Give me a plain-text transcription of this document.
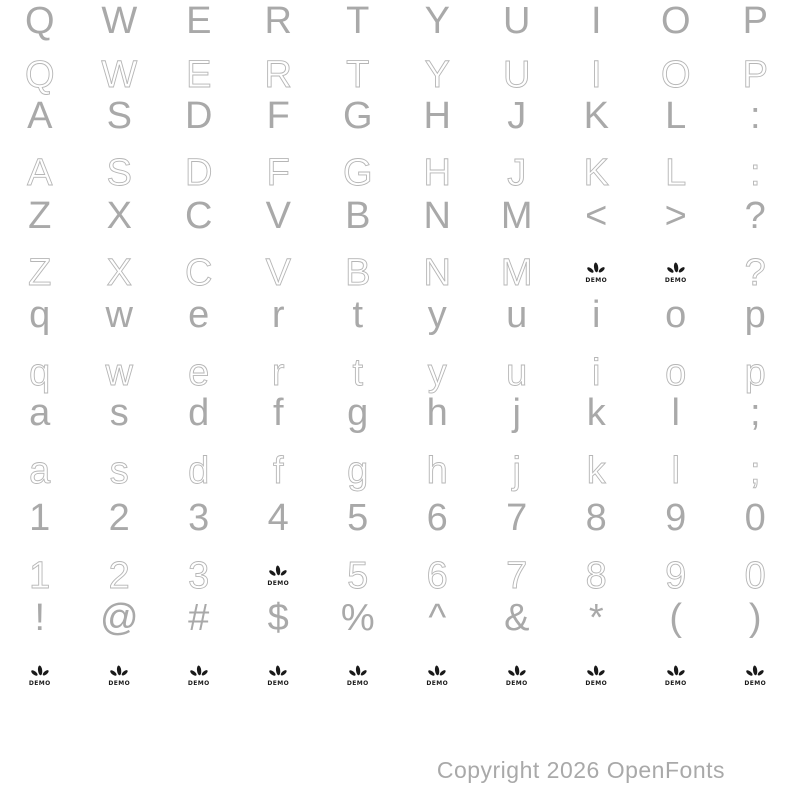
Copyright 2026 OpenFonts
Q W E R T Y U I O P
Q W E R T Y U I O P
A S D F G H J K L :
A S D F G H J K L :
Z X C V B N M < > ?
Z X C V B N M	DEMO	DEMO ?
q w e r t y u i o p
q w e r t y u i o p
a s d f g h j k l ;
a s d f g h j k l ;
1 2 3 4 5 6 7 8 9 0
1 2 3	DEMO 5 6 7 8 9 0
! @ # $ % ^ & * ( )
DEMO	DEMO	DEMO	DEMO	DEMO	DEMO	DEMO	DEMO	DEMO	DEMO
